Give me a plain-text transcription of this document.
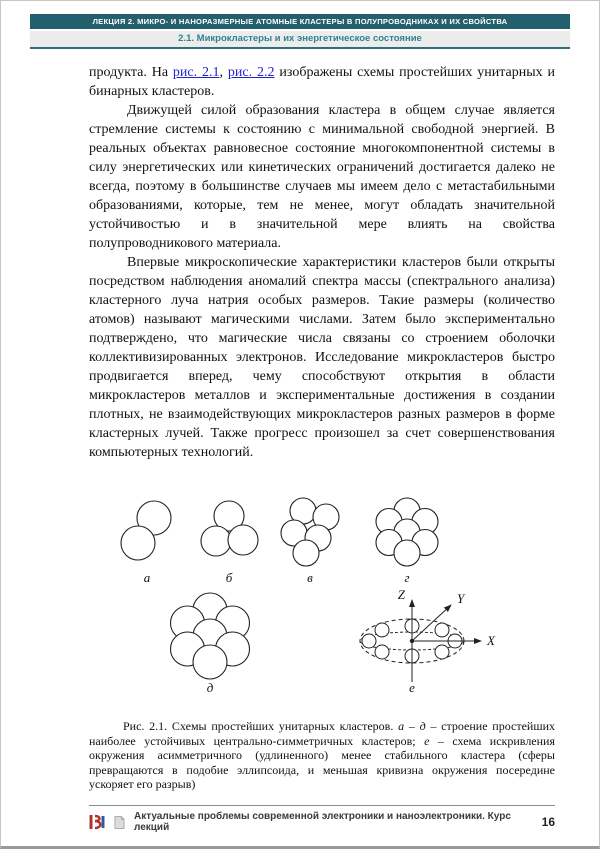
ЛЕКЦИЯ 2. МИКРО- И НАНОРАЗМЕРНЫЕ АТОМНЫЕ КЛАСТЕРЫ В ПОЛУПРОВОДНИКАХ И ИХ СВОЙСТВА
2.1. Микрокластеры и их энергетическое состояние

продукта. На рис. 2.1, рис. 2.2 изображены схемы простейших унитарных и бинарных кластеров.

Движущей силой образования кластера в общем случае является стремление системы к состоянию с минимальной свободной энергией. В реальных объектах равновесное состояние многокомпонентной системы в силу энергетических или кинетических ограничений достигается далеко не всегда, поэтому в большинстве случаев мы имеем дело с метастабильными образованиями, которые, тем не менее, могут обладать значительной устойчивостью и в значительной мере влиять на свойства полупроводникового материала.

Впервые микроскопические характеристики кластеров были открыты посредством наблюдения аномалий спектра массы (спектрального анализа) кластерного луча натрия особых размеров. Такие размеры (количество атомов) называют магическими числами. Затем было экспериментально подтверждено, что магические числа связаны со строением оболочки коллективизированных электронов. Исследование микрокластеров быстро продвигается вперед, чему способствуют открытия в области микрокластеров металлов и экспериментальные достижения в создании плотных, не взаимодействующих микрокластеров разных размеров в форме кластерных лучей. Также прогресс произошел за счет совершенствования компьютерных технологий.

а	б	в	г
д	е
X
Y
Z

Рис. 2.1. Схемы простейших унитарных кластеров. а – д – строение простейших наиболее устойчивых центрально-симметричных кластеров; е – схема искривления окружения асимметричного (удлиненного) менее стабильного кластера (сферы превращаются в подобие эллипсоида, и меньшая кривизна окружения посередине ускоряет его разрыв)

Актуальные проблемы современной электроники и наноэлектроники. Курс лекций	16
